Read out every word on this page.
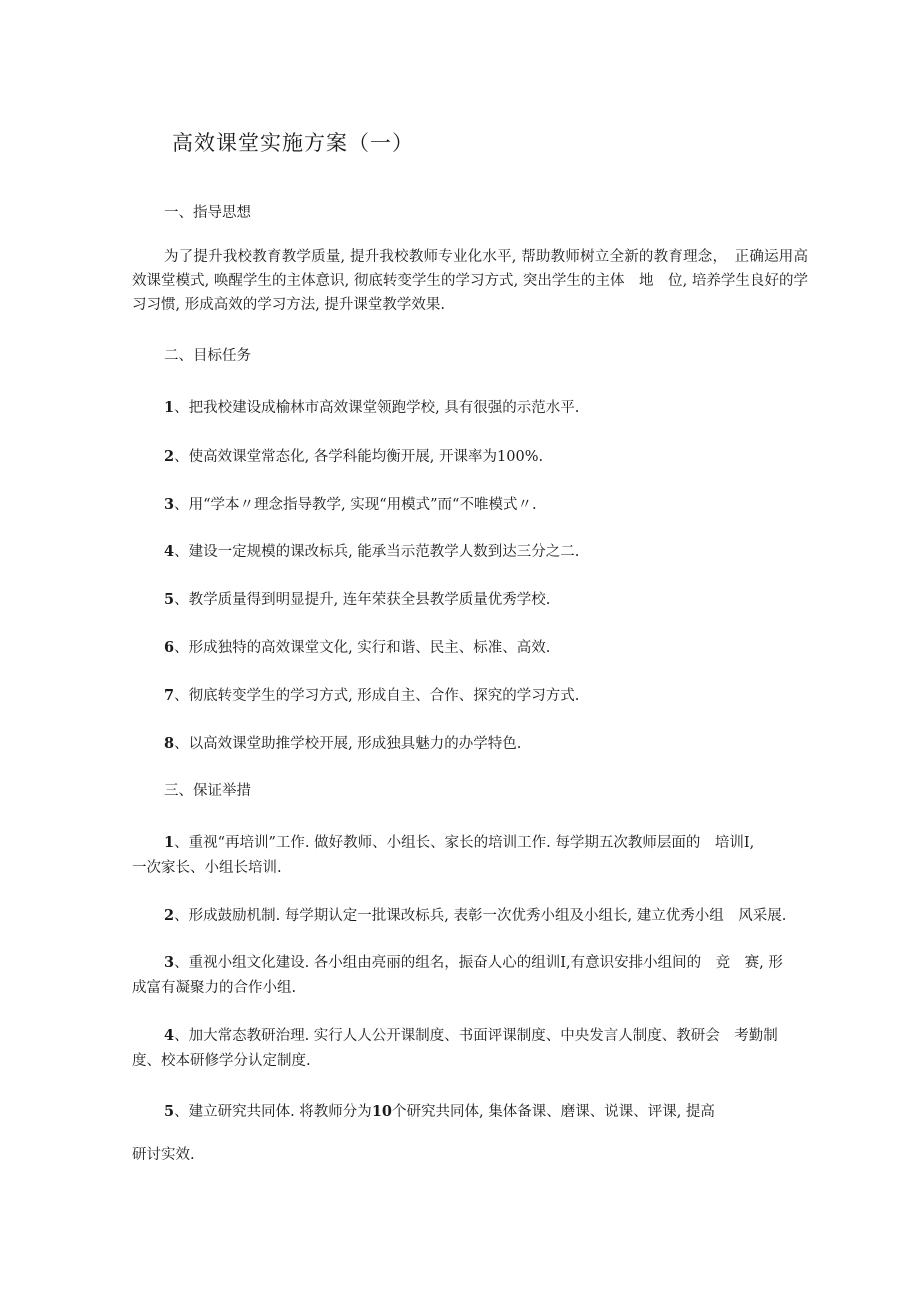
高效课堂实施方案（一）
一、指导思想

为了提升我校教育教学质量, 提升我校教师专业化水平, 帮助教师树立全新的教育理念，　正确运用高效课堂模式, 唤醒学生的主体意识, 彻底转变学生的学习方式, 突出学生的主体　地　位, 培养学生良好的学习习惯, 形成高效的学习方法, 提升课堂教学效果.

二、目标任务

1、把我校建设成榆林市高效课堂领跑学校, 具有很强的示范水平.

2、使高效课堂常态化, 各学科能均衡开展, 开课率为100%.

3、用“学本〃理念指导教学, 实现“用模式”而“不唯模式〃.

4、建设一定规模的课改标兵, 能承当示范教学人数到达三分之二.

5、教学质量得到明显提升, 连年荣获全县教学质量优秀学校.

6、形成独特的高效课堂文化, 实行和谐、民主、标准、高效.

7、彻底转变学生的学习方式, 形成自主、合作、探究的学习方式.

8、以高效课堂助推学校开展, 形成独具魅力的办学特色.

三、保证举措

1、重视“再培训”工作. 做好教师、小组长、家长的培训工作. 每学期五次教师层面的　培训I,

一次家长、小组长培训.

2、形成鼓励机制. 每学期认定一批课改标兵, 表彰一次优秀小组及小组长, 建立优秀小组　风采展.

3、重视小组文化建设. 各小组由亮丽的组名，振奋人心的组训I,有意识安排小组间的　竞　赛, 形

成富有凝聚力的合作小组.

4、加大常态教研治理. 实行人人公开课制度、书面评课制度、中央发言人制度、教研会　考勤制

度、校本研修学分认定制度.

5、建立研究共同体. 将教师分为10个研究共同体, 集体备课、磨课、说课、评课, 提高

研讨实效.
